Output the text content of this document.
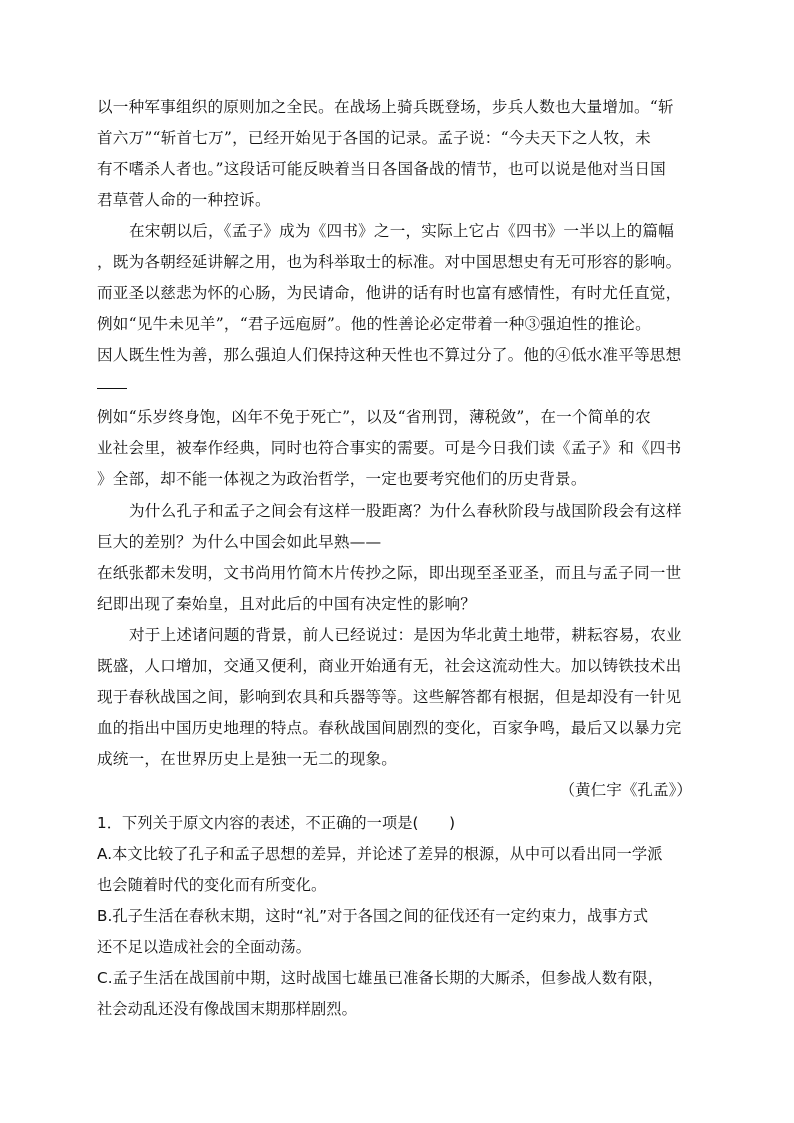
以一种军事组织的原则加之全民。在战场上骑兵既登场，步兵人数也大量增加。“斩
首六万”“斩首七万”，已经开始见于各国的记录。孟子说：“今夫天下之人牧，未
有不嗜杀人者也。”这段话可能反映着当日各国备战的情节，也可以说是他对当日国
君草菅人命的一种控诉。
在宋朝以后，《孟子》成为《四书》之一，实际上它占《四书》一半以上的篇幅
，既为各朝经延讲解之用，也为科举取士的标准。对中国思想史有无可形容的影响。
而亚圣以慈悲为怀的心肠，为民请命，他讲的话有时也富有感情性，有时尤任直觉，
例如“见牛未见羊”，“君子远庖厨”。他的性善论必定带着一种③强迫性的推论。
因人既生性为善，那么强迫人们保持这种天性也不算过分了。他的④低水准平等思想
例如“乐岁终身饱，凶年不免于死亡”，以及“省刑罚，薄税敛”，在一个简单的农
业社会里，被奉作经典，同时也符合事实的需要。可是今日我们读《孟子》和《四书
》全部，却不能一体视之为政治哲学，一定也要考究他们的历史背景。
为什么孔子和孟子之间会有这样一股距离？为什么春秋阶段与战国阶段会有这样
巨大的差别？为什么中国会如此早熟——
在纸张都未发明，文书尚用竹简木片传抄之际，即出现至圣亚圣，而且与孟子同一世
纪即出现了秦始皇，且对此后的中国有决定性的影响？
对于上述诸问题的背景，前人已经说过：是因为华北黄土地带，耕耘容易，农业
既盛，人口增加，交通又便利，商业开始通有无，社会这流动性大。加以铸铁技术出
现于春秋战国之间，影响到农具和兵器等等。这些解答都有根据，但是却没有一针见
血的指出中国历史地理的特点。春秋战国间剧烈的变化，百家争鸣，最后又以暴力完
成统一，在世界历史上是独一无二的现象。
（黄仁宇《孔孟》）
1．下列关于原文内容的表述，不正确的一项是(　　)
A.本文比较了孔子和孟子思想的差异，并论述了差异的根源，从中可以看出同一学派
也会随着时代的变化而有所变化。
B.孔子生活在春秋末期，这时“礼”对于各国之间的征伐还有一定约束力，战事方式
还不足以造成社会的全面动荡。
C.孟子生活在战国前中期，这时战国七雄虽已准备长期的大厮杀，但参战人数有限，
社会动乱还没有像战国末期那样剧烈。
